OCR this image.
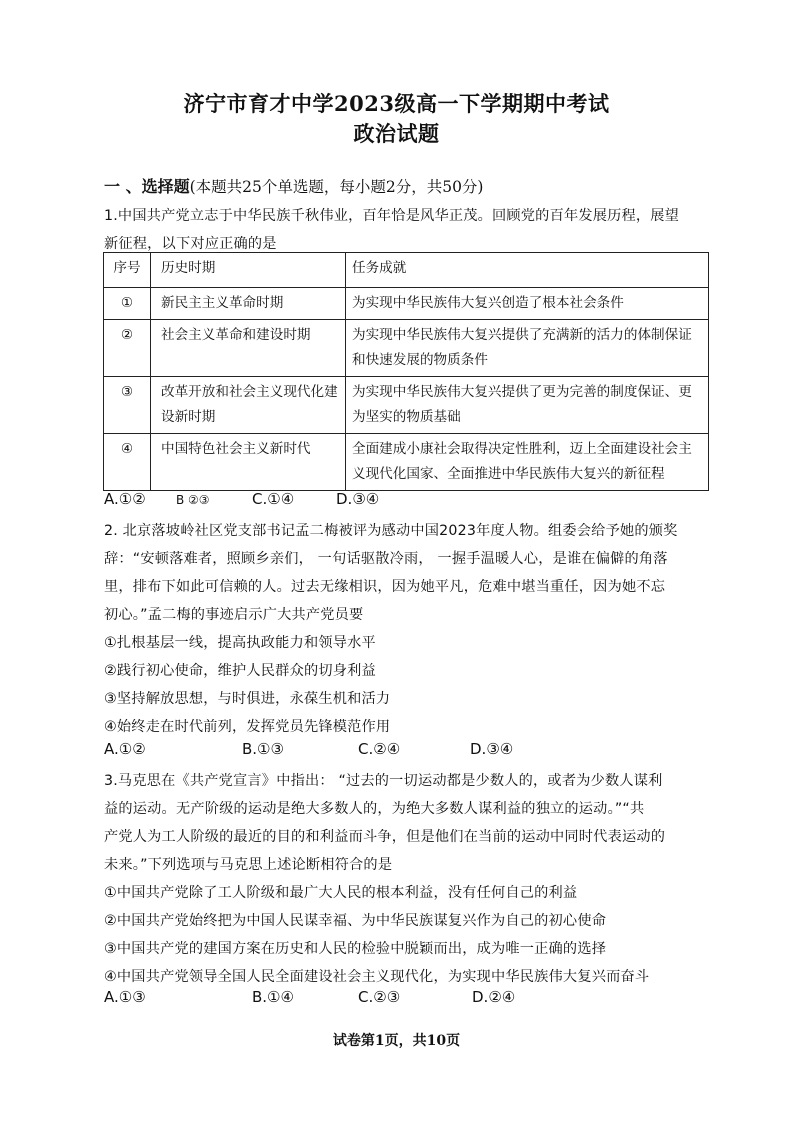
济宁市育才中学2023级高一下学期期中考试
政治试题
一 、选择题(本题共25个单选题，每小题2分，共50分)
1.中国共产党立志于中华民族千秋伟业，百年恰是风华正茂。回顾党的百年发展历程，展望
新征程，以下对应正确的是
序号	历史时期	任务成就
①	新民主主义革命时期	为实现中华民族伟大复兴创造了根本社会条件
②	社会主义革命和建设时期	为实现中华民族伟大复兴提供了充满新的活力的体制保证和快速发展的物质条件
③	改革开放和社会主义现代化建设新时期	为实现中华民族伟大复兴提供了更为完善的制度保证、更为坚实的物质基础
④	中国特色社会主义新时代	全面建成小康社会取得决定性胜利，迈上全面建设社会主义现代化国家、全面推进中华民族伟大复兴的新征程
A.①②	B ②③	C.①④	D.③④
2. 北京落坡岭社区党支部书记孟二梅被评为感动中国2023年度人物。组委会给予她的颁奖
辞：“安顿落难者，照顾乡亲们， 一句话驱散冷雨， 一握手温暖人心，是谁在偏僻的角落
里，排布下如此可信赖的人。过去无缘相识，因为她平凡，危难中堪当重任，因为她不忘
初心。”孟二梅的事迹启示广大共产党员要
①扎根基层一线，提高执政能力和领导水平
②践行初心使命，维护人民群众的切身利益
③坚持解放思想，与时俱进，永葆生机和活力
④始终走在时代前列，发挥党员先锋模范作用
A.①②	B.①③	C.②④	D.③④
3.马克思在《共产党宣言》中指出： “过去的一切运动都是少数人的，或者为少数人谋利
益的运动。无产阶级的运动是绝大多数人的，为绝大多数人谋利益的独立的运动。”“共
产党人为工人阶级的最近的目的和利益而斗争，但是他们在当前的运动中同时代表运动的
未来。”下列选项与马克思上述论断相符合的是
①中国共产党除了工人阶级和最广大人民的根本利益，没有任何自己的利益
②中国共产党始终把为中国人民谋幸福、为中华民族谋复兴作为自己的初心使命
③中国共产党的建国方案在历史和人民的检验中脱颖而出，成为唯一正确的选择
④中国共产党领导全国人民全面建设社会主义现代化，为实现中华民族伟大复兴而奋斗
A.①③	B.①④	C.②③	D.②④
试卷第1页，共10页
